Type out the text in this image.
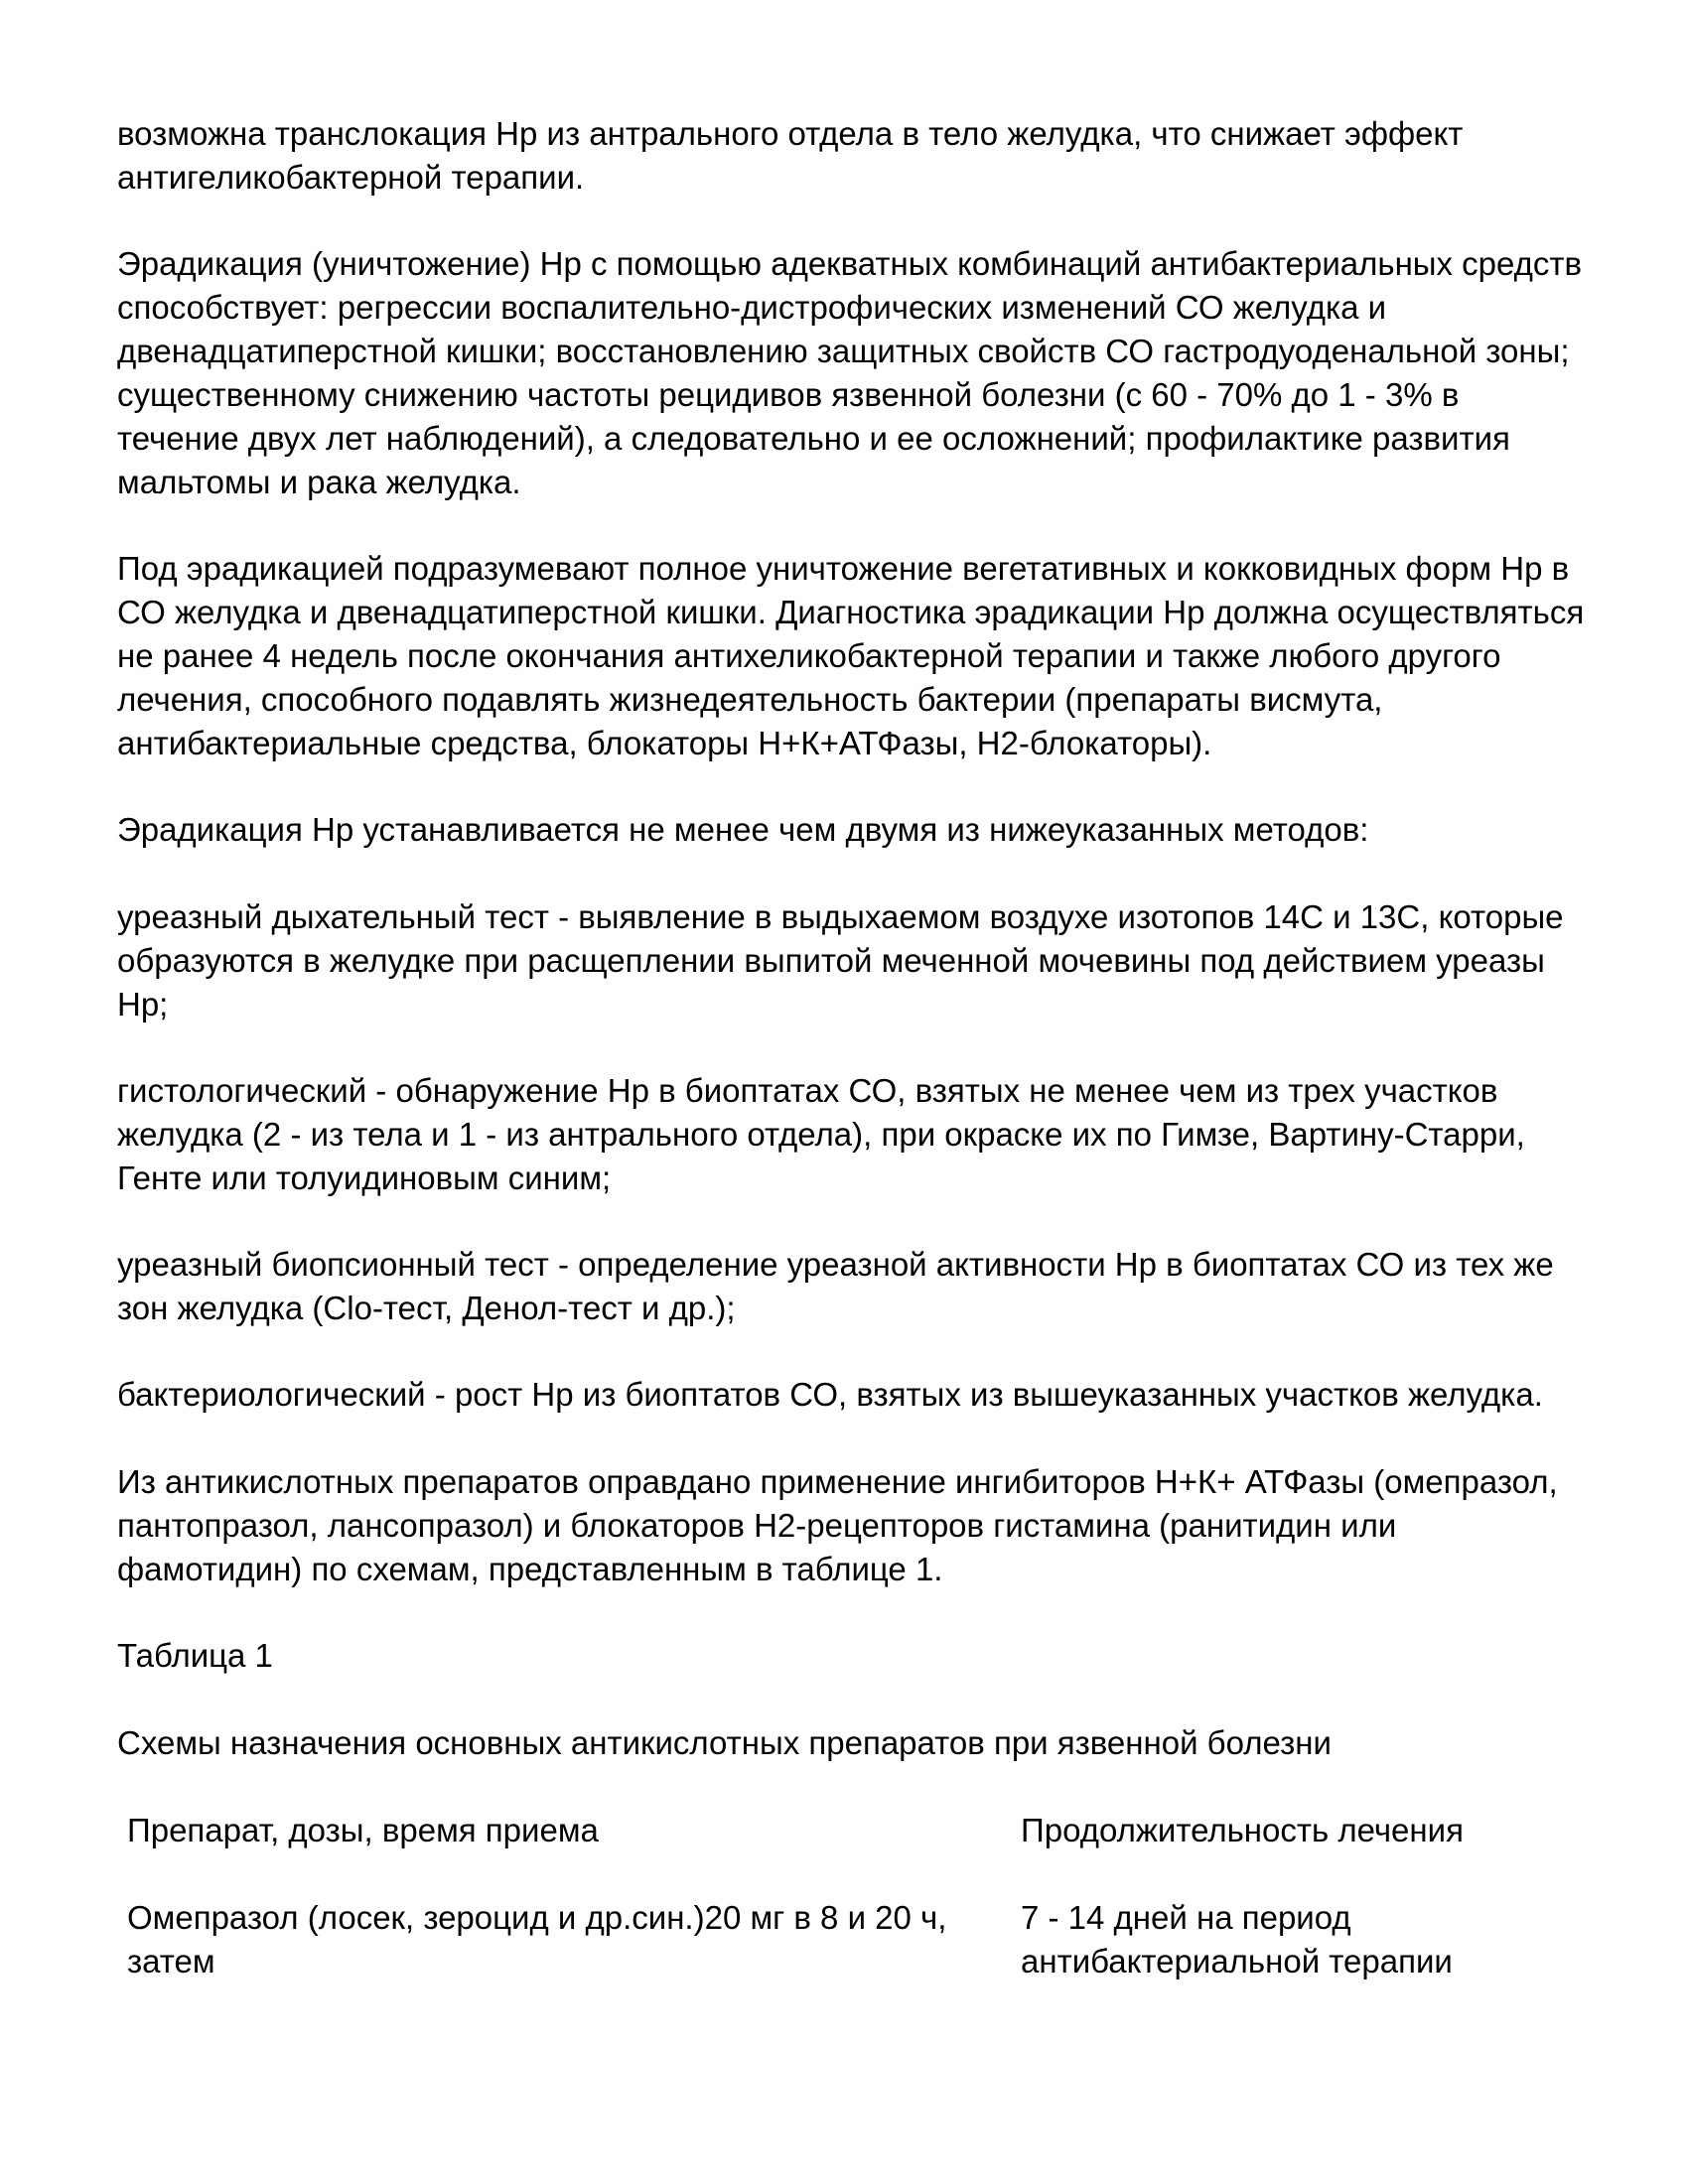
возможна транслокация Hp из антрального отдела в тело желудка, что снижает эффект антигеликобактерной терапии.

Эрадикация (уничтожение) Hp с помощью адекватных комбинаций антибактериальных средств способствует: регрессии воспалительно-дистрофических изменений СО желудка и двенадцатиперстной кишки; восстановлению защитных свойств СО гастродуоденальной зоны; существенному снижению частоты рецидивов язвенной болезни (с 60 - 70% до 1 - 3% в течение двух лет наблюдений), а следовательно и ее осложнений; профилактике развития мальтомы и рака желудка.

Под эрадикацией подразумевают полное уничтожение вегетативных и кокковидных форм Hp в СО желудка и двенадцатиперстной кишки. Диагностика эрадикации Hp должна осуществляться не ранее 4 недель после окончания антихеликобактерной терапии и также любого другого лечения, способного подавлять жизнедеятельность бактерии (препараты висмута, антибактериальные средства, блокаторы Н+К+АТФазы, Н2-блокаторы).

Эрадикация Hp устанавливается не менее чем двумя из нижеуказанных методов:

уреазный дыхательный тест - выявление в выдыхаемом воздухе изотопов 14С и 13С, которые образуются в желудке при расщеплении выпитой меченной мочевины под действием уреазы Hp;

гистологический - обнаружение Hp в биоптатах СО, взятых не менее чем из трех участков желудка (2 - из тела и 1 - из антрального отдела), при окраске их по Гимзе, Вартину-Старри, Генте или толуидиновым синим;

уреазный биопсионный тест - определение уреазной активности Hp в биоптатах СО из тех же зон желудка (Clo-тест, Денол-тест и др.);

бактериологический - рост Hp из биоптатов СО, взятых из вышеуказанных участков желудка.

Из антикислотных препаратов оправдано применение ингибиторов Н+К+ АТФазы (омепразол, пантопразол, лансопразол) и блокаторов Н2-рецепторов гистамина (ранитидин или фамотидин) по схемам, представленным в таблице 1.

Таблица 1

Схемы назначения основных антикислотных препаратов при язвенной болезни

Препарат, дозы, время приема	Продолжительность лечения
Омепразол (лосек, зероцид и др.син.)20 мг в 8 и 20 ч, затем
7 - 14 дней на период антибактериальной терапии
